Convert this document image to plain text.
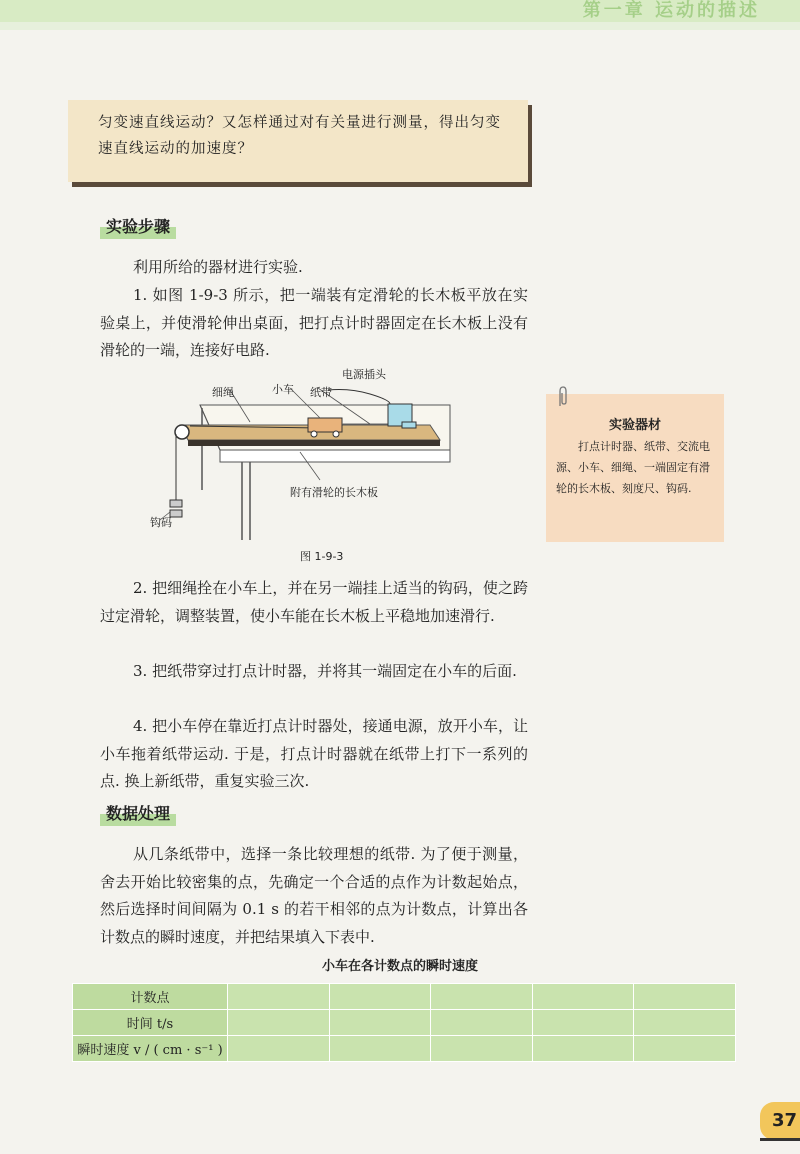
第一章 运动的描述
匀变速直线运动？又怎样通过对有关量进行测量，得出匀变速直线运动的加速度？
实验步骤
利用所给的器材进行实验.
1. 如图 1-9-3 所示，把一端装有定滑轮的长木板平放在实验桌上，并使滑轮伸出桌面，把打点计时器固定在长木板上没有滑轮的一端，连接好电路.
细绳	小车 纸带
电源插头
附有滑轮的长木板
钩码
图 1-9-3
实验器材
打点计时器、纸带、交流电源、小车、细绳、一端固定有滑轮的长木板、刻度尺、钩码.
2. 把细绳拴在小车上，并在另一端挂上适当的钩码，使之跨过定滑轮，调整装置，使小车能在长木板上平稳地加速滑行.
3. 把纸带穿过打点计时器，并将其一端固定在小车的后面.
4. 把小车停在靠近打点计时器处，接通电源，放开小车，让小车拖着纸带运动. 于是，打点计时器就在纸带上打下一系列的点. 换上新纸带，重复实验三次.
数据处理
从几条纸带中，选择一条比较理想的纸带. 为了便于测量，舍去开始比较密集的点，先确定一个合适的点作为计数起始点，然后选择时间间隔为 0.1 s 的若干相邻的点为计数点，计算出各计数点的瞬时速度，并把结果填入下表中.
小车在各计数点的瞬时速度
计数点					
时间 t/s					
瞬时速度 v / ( cm · s⁻¹ )					
37
